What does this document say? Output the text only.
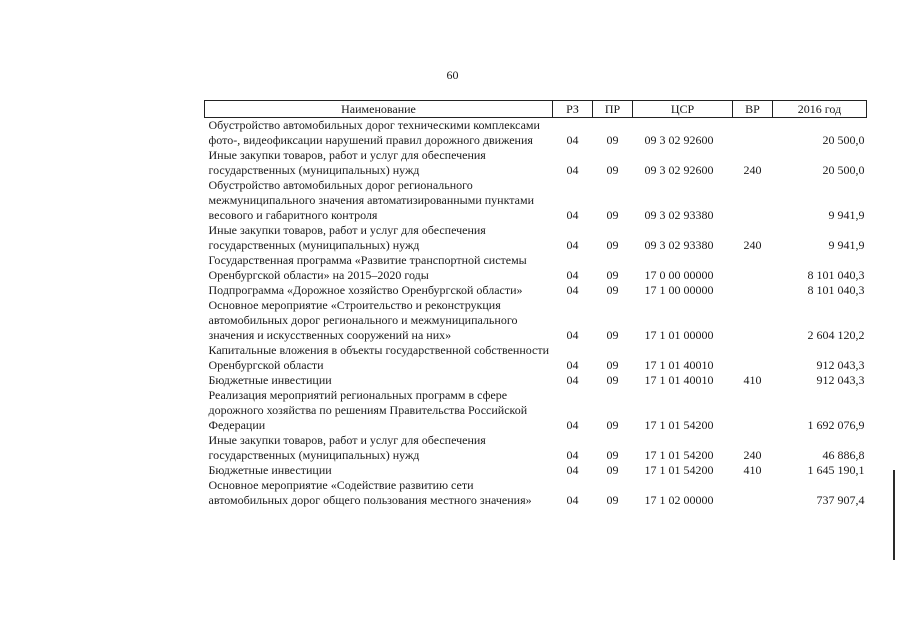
60
Наименование	РЗ	ПР	ЦСР	ВР	2016 год
Обустройство автомобильных дорог техническими комплексами фото-, видеофиксации нарушений правил дорожного движения	04	09	09 3 02 92600		20 500,0
Иные закупки товаров, работ и услуг для обеспечения государственных (муниципальных) нужд	04	09	09 3 02 92600	240	20 500,0
Обустройство автомобильных дорог регионального межмуниципального значения автоматизированными пунктами весового и габаритного контроля	04	09	09 3 02 93380		9 941,9
Иные закупки товаров, работ и услуг для обеспечения государственных (муниципальных) нужд	04	09	09 3 02 93380	240	9 941,9
Государственная программа «Развитие транспортной системы Оренбургской области» на 2015–2020 годы	04	09	17 0 00 00000		8 101 040,3
Подпрограмма «Дорожное хозяйство Оренбургской области»	04	09	17 1 00 00000		8 101 040,3
Основное мероприятие «Строительство и реконструкция автомобильных дорог регионального и межмуниципального значения и искусственных сооружений на них»	04	09	17 1 01 00000		2 604 120,2
Капитальные вложения в объекты государственной собственности Оренбургской области	04	09	17 1 01 40010		912 043,3
Бюджетные инвестиции	04	09	17 1 01 40010	410	912 043,3
Реализация мероприятий региональных программ в сфере дорожного хозяйства по решениям Правительства Российской Федерации	04	09	17 1 01 54200		1 692 076,9
Иные закупки товаров, работ и услуг для обеспечения государственных (муниципальных) нужд	04	09	17 1 01 54200	240	46 886,8
Бюджетные инвестиции	04	09	17 1 01 54200	410	1 645 190,1
Основное мероприятие «Содействие развитию сети автомобильных дорог общего пользования местного значения»	04	09	17 1 02 00000		737 907,4
